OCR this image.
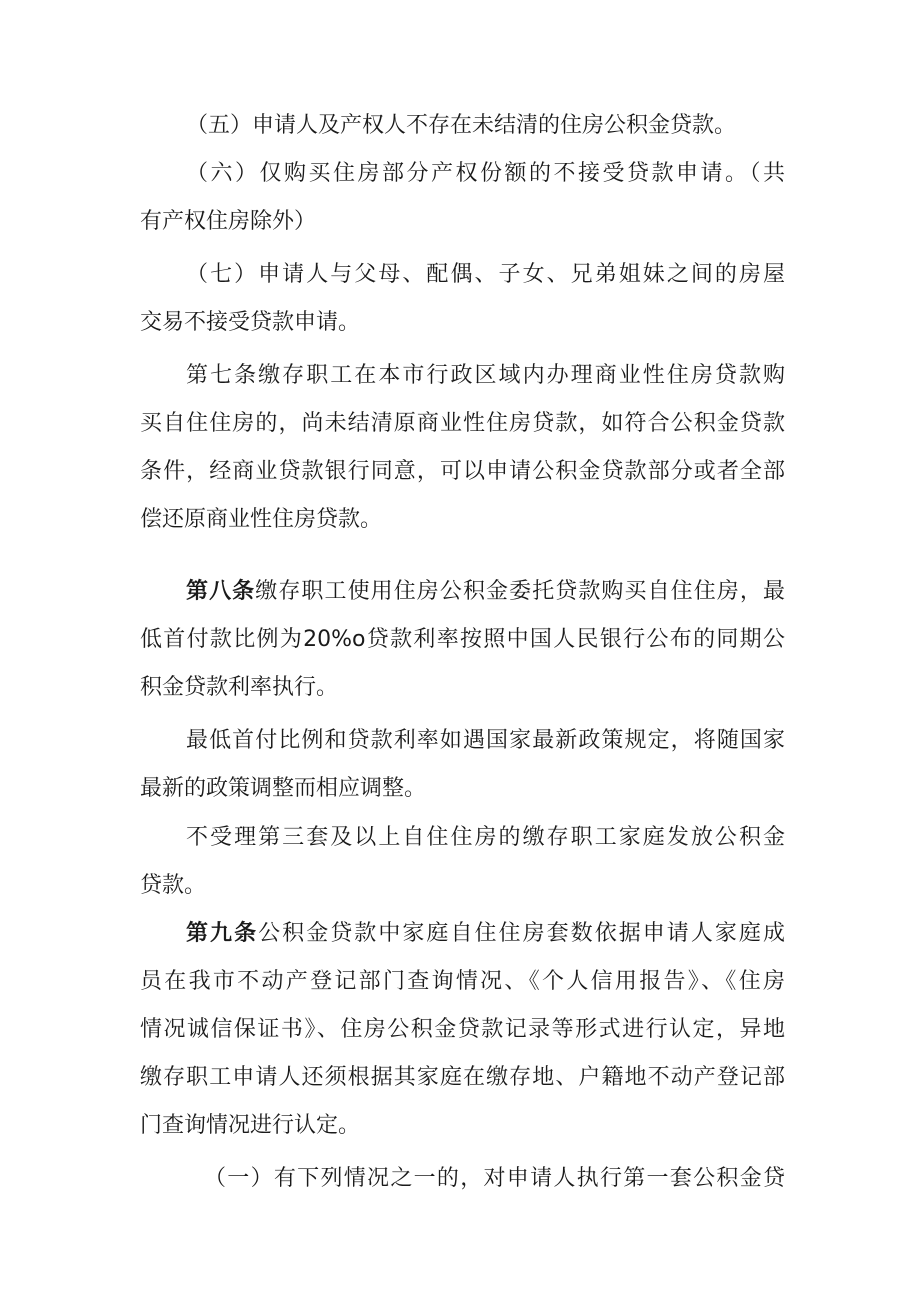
（五）申请人及产权人不存在未结清的住房公积金贷款。
（六）仅购买住房部分产权份额的不接受贷款申请。（共
有产权住房除外）
（七）申请人与父母、配偶、子女、兄弟姐妹之间的房屋
交易不接受贷款申请。
第七条缴存职工在本市行政区域内办理商业性住房贷款购
买自住住房的，尚未结清原商业性住房贷款，如符合公积金贷款
条件，经商业贷款银行同意，可以申请公积金贷款部分或者全部
偿还原商业性住房贷款。
第八条缴存职工使用住房公积金委托贷款购买自住住房，最
低首付款比例为20%o贷款利率按照中国人民银行公布的同期公
积金贷款利率执行。
最低首付比例和贷款利率如遇国家最新政策规定，将随国家
最新的政策调整而相应调整。
不受理第三套及以上自住住房的缴存职工家庭发放公积金
贷款。
第九条公积金贷款中家庭自住住房套数依据申请人家庭成
员在我市不动产登记部门查询情况、《个人信用报告》、《住房
情况诚信保证书》、住房公积金贷款记录等形式进行认定，异地
缴存职工申请人还须根据其家庭在缴存地、户籍地不动产登记部
门查询情况进行认定。
（一）有下列情况之一的，对申请人执行第一套公积金贷
